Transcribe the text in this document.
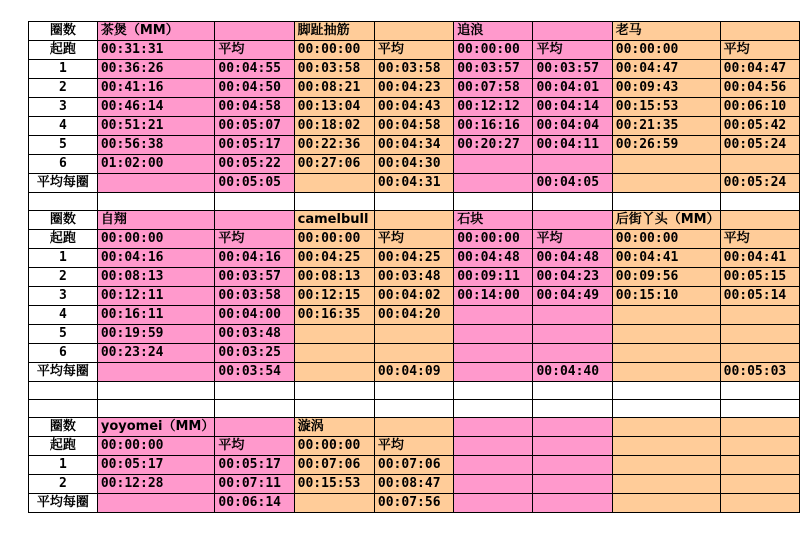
圈数	茶煲（MM）		脚趾抽筋		追浪		老马	
起跑	00:31:31	平均	00:00:00	平均	00:00:00	平均	00:00:00	平均
1	00:36:26	00:04:55	00:03:58	00:03:58	00:03:57	00:03:57	00:04:47	00:04:47
2	00:41:16	00:04:50	00:08:21	00:04:23	00:07:58	00:04:01	00:09:43	00:04:56
3	00:46:14	00:04:58	00:13:04	00:04:43	00:12:12	00:04:14	00:15:53	00:06:10
4	00:51:21	00:05:07	00:18:02	00:04:58	00:16:16	00:04:04	00:21:35	00:05:42
5	00:56:38	00:05:17	00:22:36	00:04:34	00:20:27	00:04:11	00:26:59	00:05:24
6	01:02:00	00:05:22	00:27:06	00:04:30				
平均每圈		00:05:05		00:04:31		00:04:05		00:05:24

圈数	自翔		camelbull		石块		后街丫头（MM）	
起跑	00:00:00	平均	00:00:00	平均	00:00:00	平均	00:00:00	平均
1	00:04:16	00:04:16	00:04:25	00:04:25	00:04:48	00:04:48	00:04:41	00:04:41
2	00:08:13	00:03:57	00:08:13	00:03:48	00:09:11	00:04:23	00:09:56	00:05:15
3	00:12:11	00:03:58	00:12:15	00:04:02	00:14:00	00:04:49	00:15:10	00:05:14
4	00:16:11	00:04:00	00:16:35	00:04:20				
5	00:19:59	00:03:48						
6	00:23:24	00:03:25						
平均每圈		00:03:54		00:04:09		00:04:40		00:05:03

圈数	yoyomei（MM）		漩涡					
起跑	00:00:00	平均	00:00:00	平均				
1	00:05:17	00:05:17	00:07:06	00:07:06				
2	00:12:28	00:07:11	00:15:53	00:08:47				
平均每圈		00:06:14		00:07:56				
